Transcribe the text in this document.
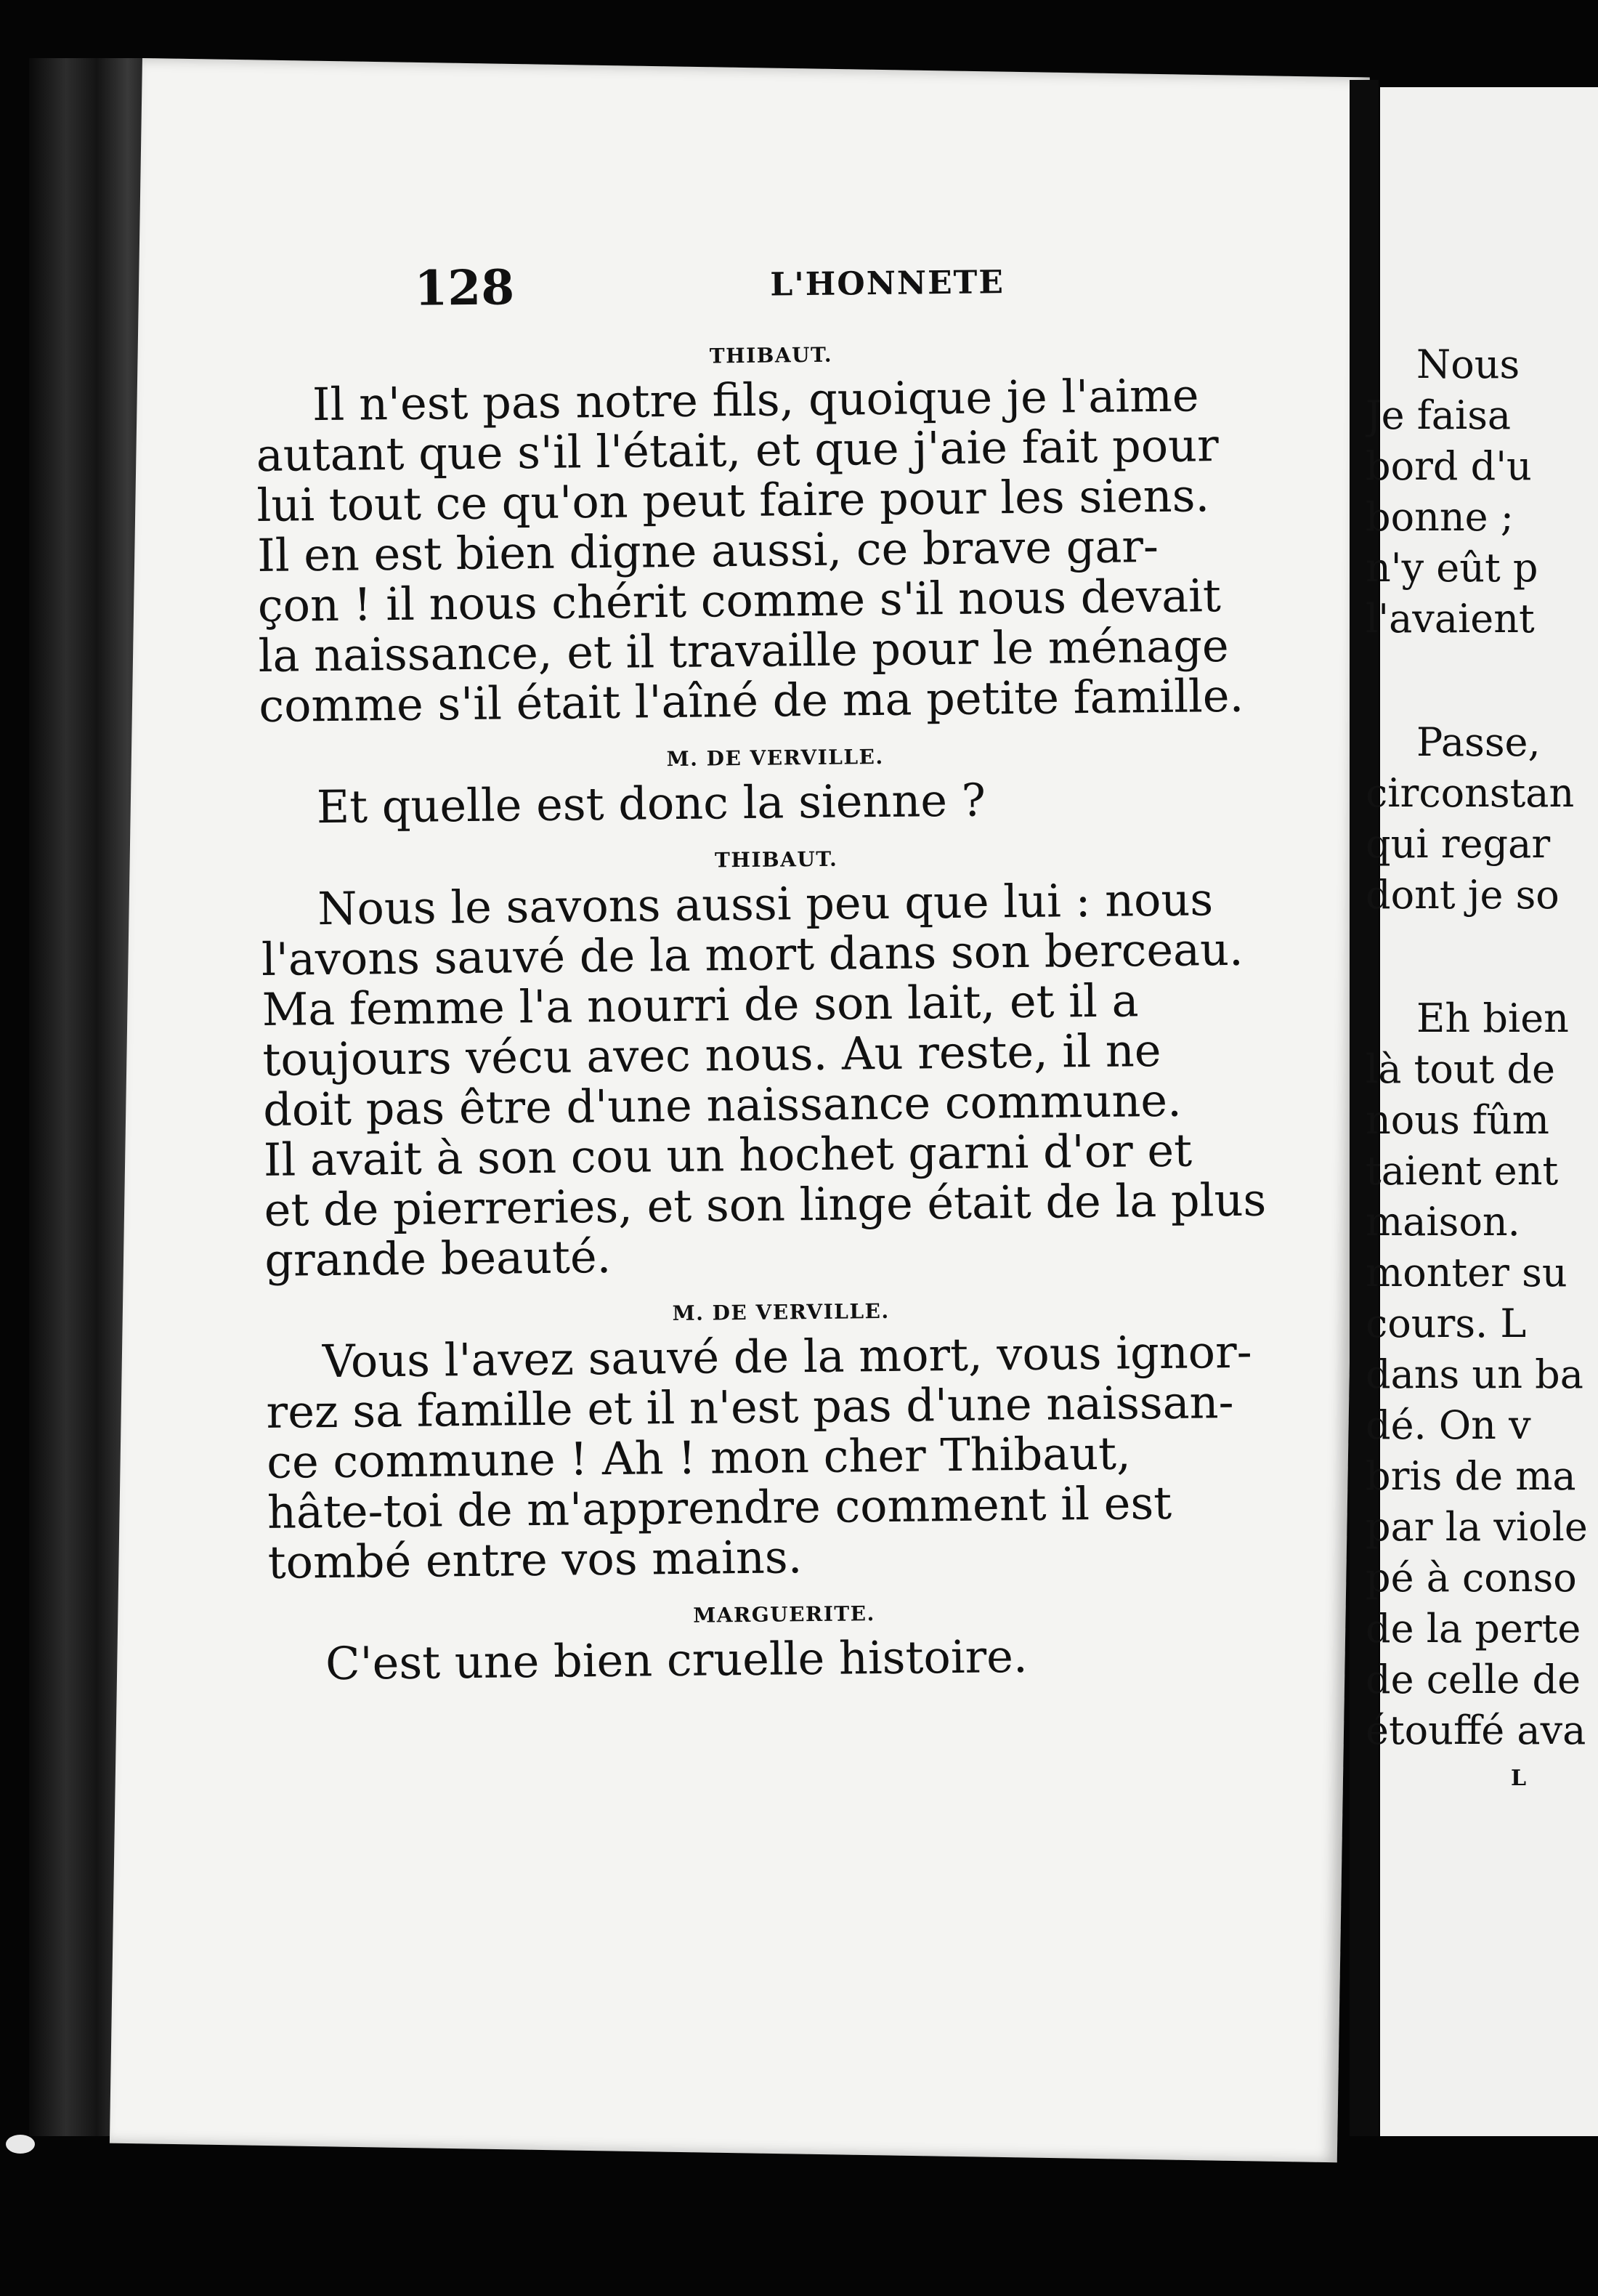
128	L'HONNETE
THIBAUT.
Il n'est pas notre fils, quoique je l'aime
autant que s'il l'était, et que j'aie fait pour
lui tout ce qu'on peut faire pour les siens.
Il en est bien digne aussi, ce brave gar-
çon ! il nous chérit comme s'il nous devait
la naissance, et il travaille pour le ménage
comme s'il était l'aîné de ma petite famille.
M. DE VERVILLE.
Et quelle est donc la sienne ?
THIBAUT.
Nous le savons aussi peu que lui : nous
l'avons sauvé de la mort dans son berceau.
Ma femme l'a nourri de son lait, et il a
toujours vécu avec nous. Au reste, il ne
doit pas être d'une naissance commune.
Il avait à son cou un hochet garni d'or et
et de pierreries, et son linge était de la plus
grande beauté.
M. DE VERVILLE.
Vous l'avez sauvé de la mort, vous ignor-
rez sa famille et il n'est pas d'une naissan-
ce commune ! Ah ! mon cher Thibaut,
hâte-toi de m'apprendre comment il est
tombé entre vos mains.
MARGUERITE.
C'est une bien cruelle histoire.
Nous
Je faisa
bord d'u
bonne ;
n'y eût p
l'avaient
Passe,
circonstan
qui regar
dont je so
Eh bien
là tout de
nous fûm
taient ent
maison.
monter su
cours. L
dans un ba
dé. On v
bris de ma
par la viole
pé à conso
de la perte
de celle de
étouffé ava
L
